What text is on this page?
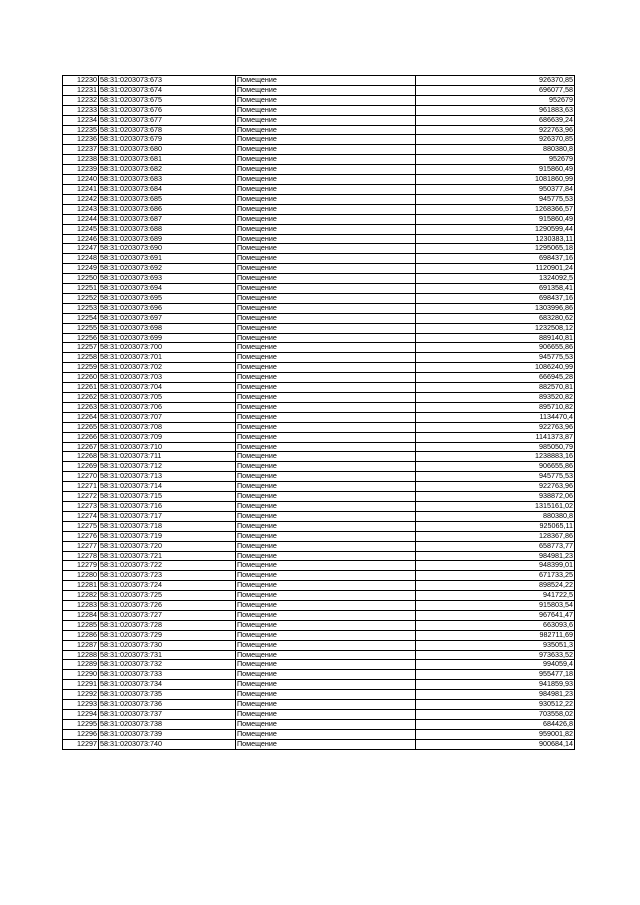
12230	58:31:0203073:673	Помещение	926370,85
12231	58:31:0203073:674	Помещение	696077,58
12232	58:31:0203073:675	Помещение	952679
12233	58:31:0203073:676	Помещение	961883,63
12234	58:31:0203073:677	Помещение	686639,24
12235	58:31:0203073:678	Помещение	922763,96
12236	58:31:0203073:679	Помещение	926370,85
12237	58:31:0203073:680	Помещение	880380,8
12238	58:31:0203073:681	Помещение	952679
12239	58:31:0203073:682	Помещение	915860,49
12240	58:31:0203073:683	Помещение	1081860,99
12241	58:31:0203073:684	Помещение	950377,84
12242	58:31:0203073:685	Помещение	945775,53
12243	58:31:0203073:686	Помещение	1268366,57
12244	58:31:0203073:687	Помещение	915860,49
12245	58:31:0203073:688	Помещение	1290599,44
12246	58:31:0203073:689	Помещение	1230383,11
12247	58:31:0203073:690	Помещение	1295065,18
12248	58:31:0203073:691	Помещение	698437,16
12249	58:31:0203073:692	Помещение	1120901,24
12250	58:31:0203073:693	Помещение	1324092,5
12251	58:31:0203073:694	Помещение	691358,41
12252	58:31:0203073:695	Помещение	698437,16
12253	58:31:0203073:696	Помещение	1303996,86
12254	58:31:0203073:697	Помещение	683280,62
12255	58:31:0203073:698	Помещение	1232508,12
12256	58:31:0203073:699	Помещение	889140,81
12257	58:31:0203073:700	Помещение	906655,86
12258	58:31:0203073:701	Помещение	945775,53
12259	58:31:0203073:702	Помещение	1086240,99
12260	58:31:0203073:703	Помещение	666945,28
12261	58:31:0203073:704	Помещение	882570,81
12262	58:31:0203073:705	Помещение	893520,82
12263	58:31:0203073:706	Помещение	895710,82
12264	58:31:0203073:707	Помещение	1134470,4
12265	58:31:0203073:708	Помещение	922763,96
12266	58:31:0203073:709	Помещение	1141373,87
12267	58:31:0203073:710	Помещение	985050,79
12268	58:31:0203073:711	Помещение	1238883,16
12269	58:31:0203073:712	Помещение	906655,86
12270	58:31:0203073:713	Помещение	945775,53
12271	58:31:0203073:714	Помещение	922763,96
12272	58:31:0203073:715	Помещение	938872,06
12273	58:31:0203073:716	Помещение	1315161,02
12274	58:31:0203073:717	Помещение	880380,8
12275	58:31:0203073:718	Помещение	925065,11
12276	58:31:0203073:719	Помещение	128367,86
12277	58:31:0203073:720	Помещение	658773,77
12278	58:31:0203073:721	Помещение	984981,23
12279	58:31:0203073:722	Помещение	948399,01
12280	58:31:0203073:723	Помещение	671733,25
12281	58:31:0203073:724	Помещение	898524,22
12282	58:31:0203073:725	Помещение	941722,5
12283	58:31:0203073:726	Помещение	915803,54
12284	58:31:0203073:727	Помещение	967641,47
12285	58:31:0203073:728	Помещение	663093,6
12286	58:31:0203073:729	Помещение	982711,69
12287	58:31:0203073:730	Помещение	935051,3
12288	58:31:0203073:731	Помещение	973633,52
12289	58:31:0203073:732	Помещение	994059,4
12290	58:31:0203073:733	Помещение	955477,18
12291	58:31:0203073:734	Помещение	941859,93
12292	58:31:0203073:735	Помещение	984981,23
12293	58:31:0203073:736	Помещение	930512,22
12294	58:31:0203073:737	Помещение	703558,02
12295	58:31:0203073:738	Помещение	684426,8
12296	58:31:0203073:739	Помещение	959001,82
12297	58:31:0203073:740	Помещение	900684,14
